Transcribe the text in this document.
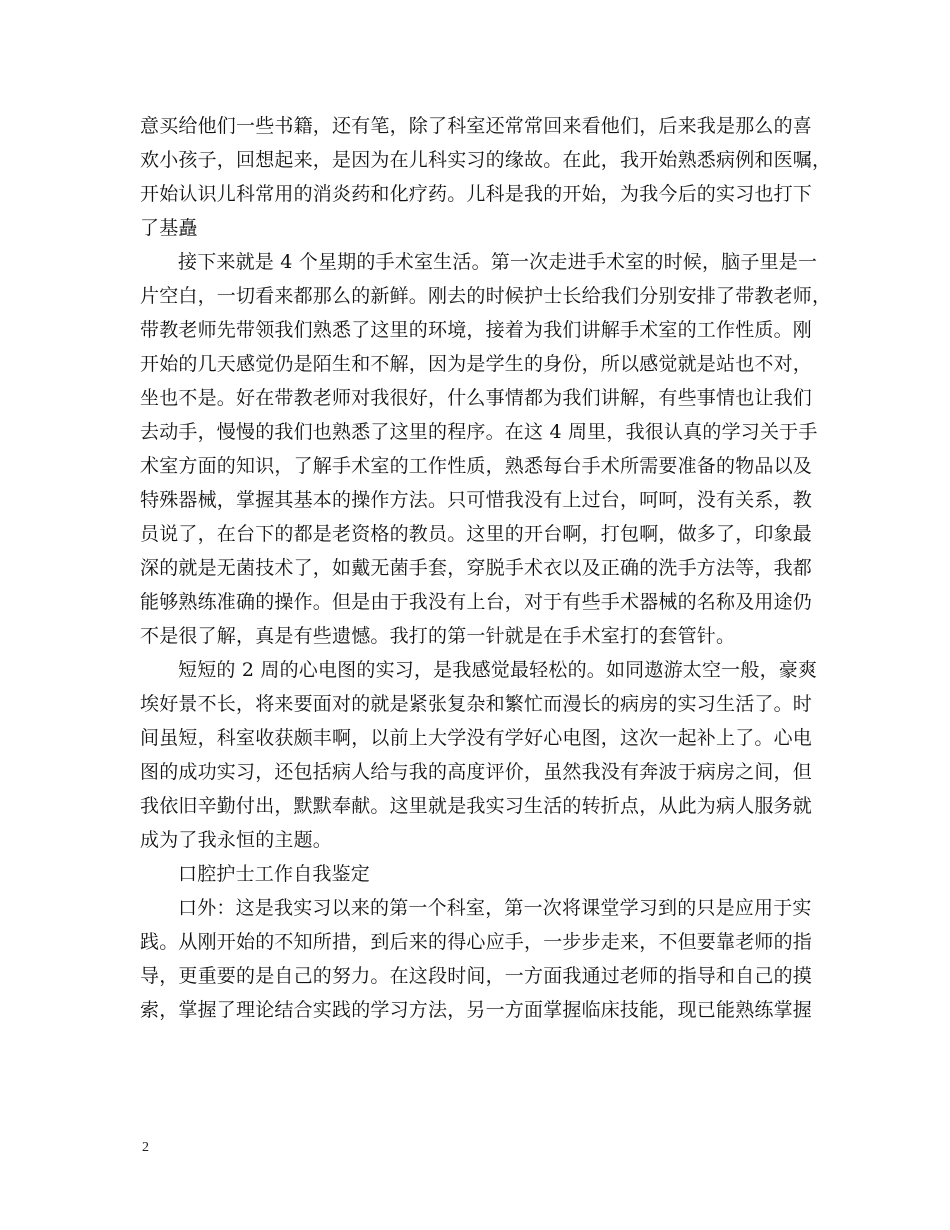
意买给他们一些书籍，还有笔，除了科室还常常回来看他们，后来我是那么的喜
欢小孩子，回想起来，是因为在儿科实习的缘故。在此，我开始熟悉病例和医嘱，
开始认识儿科常用的消炎药和化疗药。儿科是我的开始，为我今后的实习也打下
了基矗
接下来就是 4 个星期的手术室生活。第一次走进手术室的时候，脑子里是一
片空白，一切看来都那么的新鲜。刚去的时候护士长给我们分别安排了带教老师，
带教老师先带领我们熟悉了这里的环境，接着为我们讲解手术室的工作性质。刚
开始的几天感觉仍是陌生和不解，因为是学生的身份，所以感觉就是站也不对，
坐也不是。好在带教老师对我很好，什么事情都为我们讲解，有些事情也让我们
去动手，慢慢的我们也熟悉了这里的程序。在这 4 周里，我很认真的学习关于手
术室方面的知识，了解手术室的工作性质，熟悉每台手术所需要准备的物品以及
特殊器械，掌握其基本的操作方法。只可惜我没有上过台，呵呵，没有关系，教
员说了，在台下的都是老资格的教员。这里的开台啊，打包啊，做多了，印象最
深的就是无菌技术了，如戴无菌手套，穿脱手术衣以及正确的洗手方法等，我都
能够熟练准确的操作。但是由于我没有上台，对于有些手术器械的名称及用途仍
不是很了解，真是有些遗憾。我打的第一针就是在手术室打的套管针。
短短的 2 周的心电图的实习，是我感觉最轻松的。如同遨游太空一般，豪爽
埃好景不长，将来要面对的就是紧张复杂和繁忙而漫长的病房的实习生活了。时
间虽短，科室收获颇丰啊，以前上大学没有学好心电图，这次一起补上了。心电
图的成功实习，还包括病人给与我的高度评价，虽然我没有奔波于病房之间，但
我依旧辛勤付出，默默奉献。这里就是我实习生活的转折点，从此为病人服务就
成为了我永恒的主题。
口腔护士工作自我鉴定
口外：这是我实习以来的第一个科室，第一次将课堂学习到的只是应用于实
践。从刚开始的不知所措，到后来的得心应手，一步步走来，不但要靠老师的指
导，更重要的是自己的努力。在这段时间，一方面我通过老师的指导和自己的摸
索，掌握了理论结合实践的学习方法，另一方面掌握临床技能，现已能熟练掌握
2
